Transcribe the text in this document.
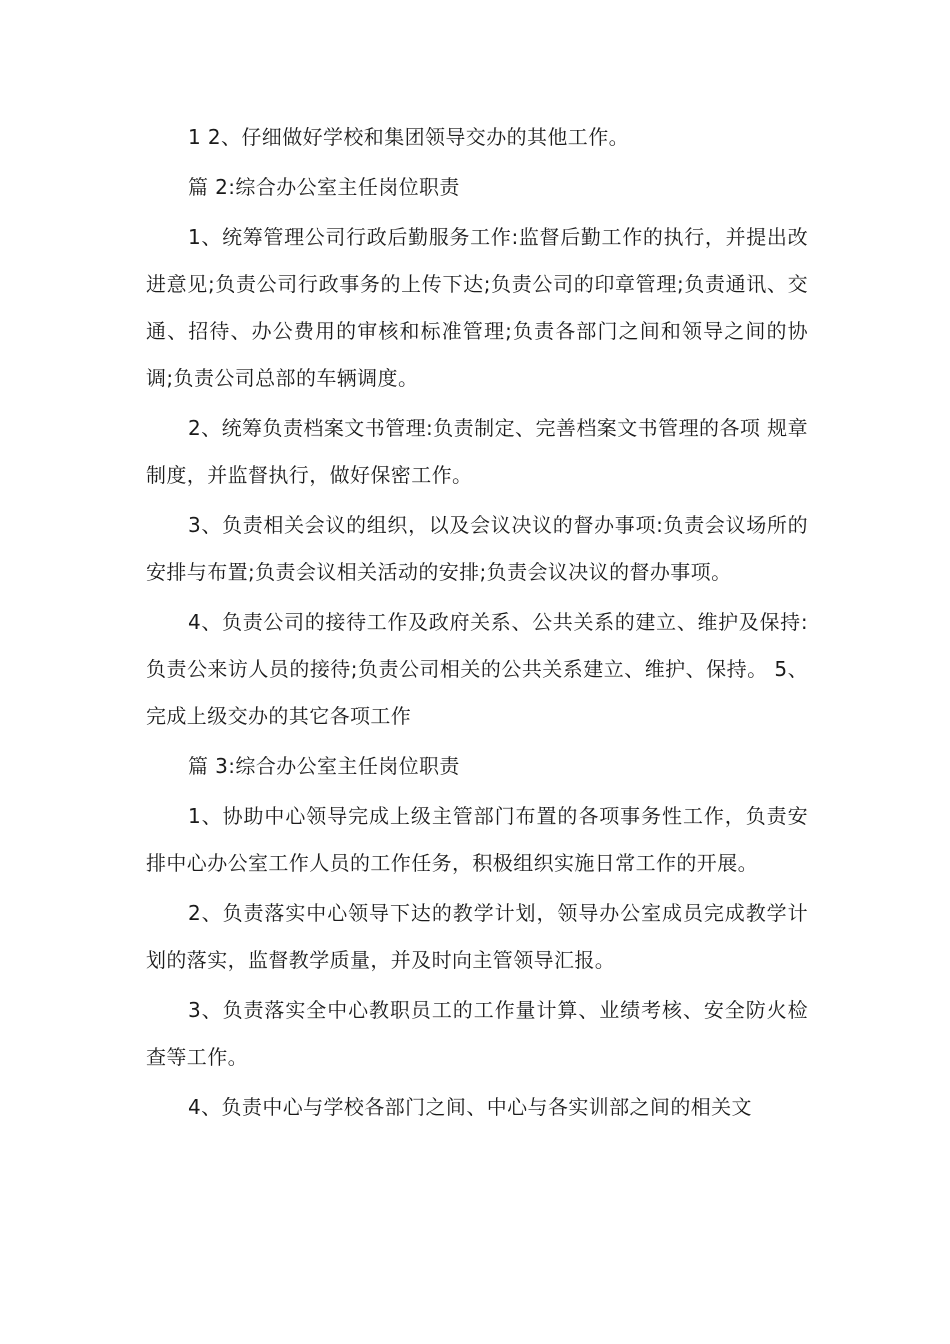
1 2、仔细做好学校和集团领导交办的其他工作。

篇 2:综合办公室主任岗位职责

1、统筹管理公司行政后勤服务工作:监督后勤工作的执行，并提出改进意见;负责公司行政事务的上传下达;负责公司的印章管理;负责通讯、交通、招待、办公费用的审核和标准管理;负责各部门之间和领导之间的协调;负责公司总部的车辆调度。

2、统筹负责档案文书管理:负责制定、完善档案文书管理的各项 规章制度，并监督执行，做好保密工作。

3、负责相关会议的组织，以及会议决议的督办事项:负责会议场所的安排与布置;负责会议相关活动的安排;负责会议决议的督办事项。

4、负责公司的接待工作及政府关系、公共关系的建立、维护及保持:负责公来访人员的接待;负责公司相关的公共关系建立、维护、保持。 5、完成上级交办的其它各项工作

篇 3:综合办公室主任岗位职责

1、协助中心领导完成上级主管部门布置的各项事务性工作，负责安排中心办公室工作人员的工作任务，积极组织实施日常工作的开展。

2、负责落实中心领导下达的教学计划，领导办公室成员完成教学计划的落实，监督教学质量，并及时向主管领导汇报。

3、负责落实全中心教职员工的工作量计算、业绩考核、安全防火检查等工作。

4、负责中心与学校各部门之间、中心与各实训部之间的相关文
